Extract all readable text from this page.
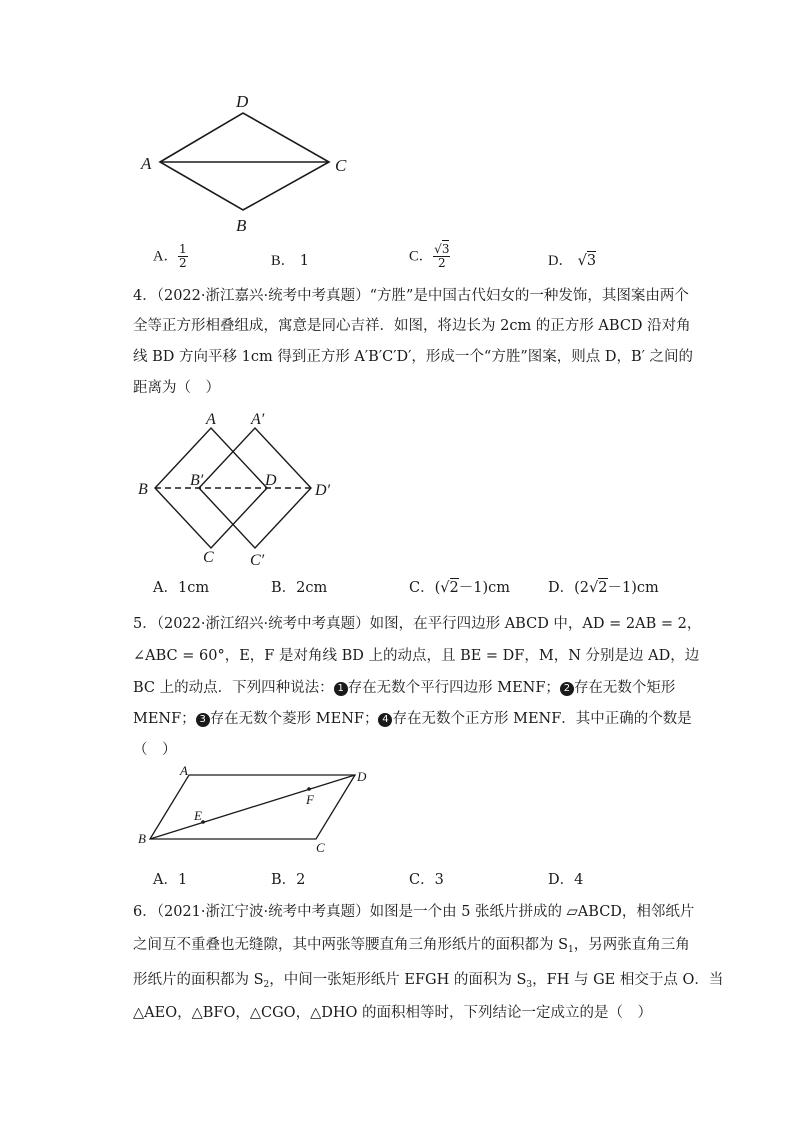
D
A	C
B
A． $\frac{1}{2}$	B． 1	C． $\frac{√3}{2}$	D． √3
4．（2022·浙江嘉兴·统考中考真题）“方胜”是中国古代妇女的一种发饰，其图案由两个
全等正方形相叠组成，寓意是同心吉祥．如图，将边长为 2cm 的正方形 ABCD 沿对角
线 BD 方向平移 1cm 得到正方形 A′B′C′D′，形成一个“方胜”图案，则点 D，B′ 之间的
距离为（　）
A A′
B
B′	D
D′
C C′
A．1cm	B．2cm	C．(√2－1)cm	D．(2√2－1)cm
5．（2022·浙江绍兴·统考中考真题）如图，在平行四边形 ABCD 中，AD = 2AB = 2，
∠ABC = 60°，E，F 是对角线 BD 上的动点，且 BE = DF，M，N 分别是边 AD，边
BC 上的动点．下列四种说法： 1 存在无数个平行四边形 MENF； 2 存在无数个矩形
MENF； 3 存在无数个菱形 MENF； 4 存在无数个正方形 MENF．其中正确的个数是
（　）
A	D
E
F
B
C
A．1	B．2	C．3	D．4
6．（2021·浙江宁波·统考中考真题）如图是一个由 5 张纸片拼成的 ▱ABCD，相邻纸片
之间互不重叠也无缝隙，其中两张等腰直角三角形纸片的面积都为 $S_1$，另两张直角三角
形纸片的面积都为 $S_2$，中间一张矩形纸片 EFGH 的面积为 $S_3$，FH 与 GE 相交于点 O．当
△AEO，△BFO，△CGO，△DHO 的面积相等时，下列结论一定成立的是（　）
